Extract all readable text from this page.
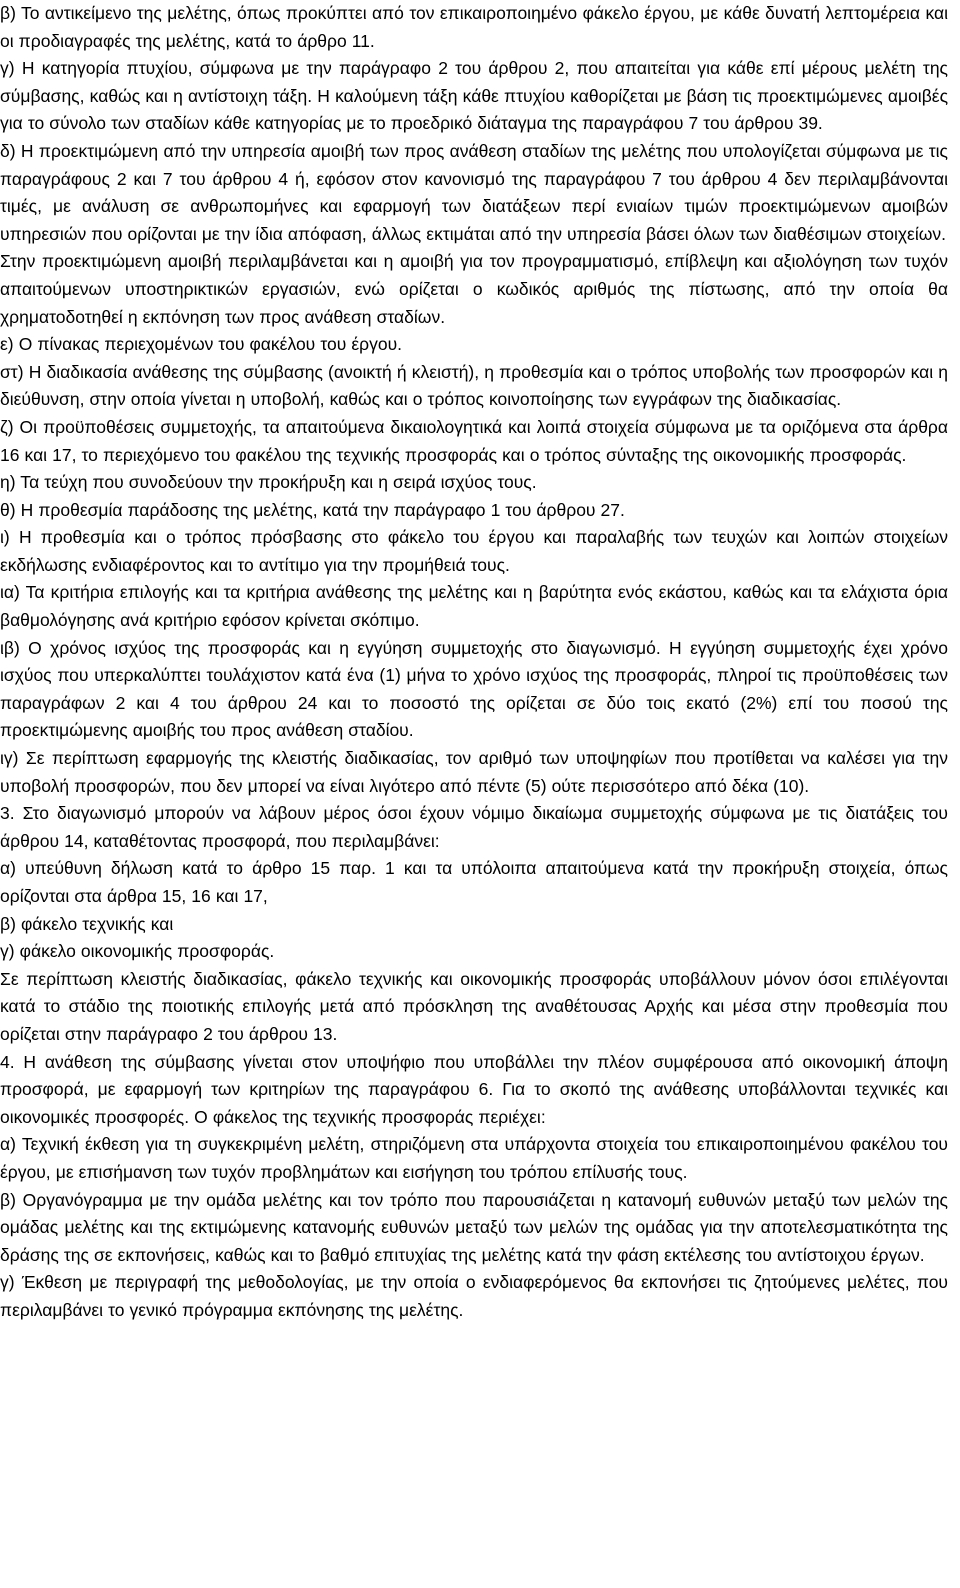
β) Το αντικείμενο της μελέτης, όπως προκύπτει από τον επικαιροποιημένο φάκελο έργου, με κάθε δυνατή λεπτομέρεια και οι προδιαγραφές της μελέτης, κατά το άρθρο 11.

γ) Η κατηγορία πτυχίου, σύμφωνα με την παράγραφο 2 του άρθρου 2, που απαιτείται για κάθε επί μέρους μελέτη της σύμβασης, καθώς και η αντίστοιχη τάξη. Η καλούμενη τάξη κάθε πτυχίου καθορίζεται με βάση τις προεκτιμώμενες αμοιβές για το σύνολο των σταδίων κάθε κατηγορίας με το προεδρικό διάταγμα της παραγράφου 7 του άρθρου 39.

δ) Η προεκτιμώμενη από την υπηρεσία αμοιβή των προς ανάθεση σταδίων της μελέτης που υπολογίζεται σύμφωνα με τις παραγράφους 2 και 7 του άρθρου 4 ή, εφόσον στον κανονισμό της παραγράφου 7 του άρθρου 4 δεν περιλαμβάνονται τιμές, με ανάλυση σε ανθρωπομήνες και εφαρμογή των διατάξεων περί ενιαίων τιμών προεκτιμώμενων αμοιβών υπηρεσιών που ορίζονται με την ίδια απόφαση, άλλως εκτιμάται από την υπηρεσία βάσει όλων των διαθέσιμων στοιχείων.

Στην προεκτιμώμενη αμοιβή περιλαμβάνεται και η αμοιβή για τον προγραμματισμό, επίβλεψη και αξιολόγηση των τυχόν απαιτούμενων υποστηρικτικών εργασιών, ενώ ορίζεται ο κωδικός αριθμός της πίστωσης, από την οποία θα χρηματοδοτηθεί η εκπόνηση των προς ανάθεση σταδίων.

ε) Ο πίνακας περιεχομένων του φακέλου του έργου.

στ) Η διαδικασία ανάθεσης της σύμβασης (ανοικτή ή κλειστή), η προθεσμία και ο τρόπος υποβολής των προσφορών και η διεύθυνση, στην οποία γίνεται η υποβολή, καθώς και ο τρόπος κοινοποίησης των εγγράφων της διαδικασίας.

ζ) Οι προϋποθέσεις συμμετοχής, τα απαιτούμενα δικαιολογητικά και λοιπά στοιχεία σύμφωνα με τα οριζόμενα στα άρθρα 16 και 17, το περιεχόμενο του φακέλου της τεχνικής προσφοράς και ο τρόπος σύνταξης της οικονομικής προσφοράς.

η) Τα τεύχη που συνοδεύουν την προκήρυξη και η σειρά ισχύος τους.

θ) Η προθεσμία παράδοσης της μελέτης, κατά την παράγραφο 1 του άρθρου 27.

ι) Η προθεσμία και ο τρόπος πρόσβασης στο φάκελο του έργου και παραλαβής των τευχών και λοιπών στοιχείων εκδήλωσης ενδιαφέροντος και το αντίτιμο για την προμήθειά τους.

ια) Τα κριτήρια επιλογής και τα κριτήρια ανάθεσης της μελέτης και η βαρύτητα ενός εκάστου, καθώς και τα ελάχιστα όρια βαθμολόγησης ανά κριτήριο εφόσον κρίνεται σκόπιμο.

ιβ) Ο χρόνος ισχύος της προσφοράς και η εγγύηση συμμετοχής στο διαγωνισμό. Η εγγύηση συμμετοχής έχει χρόνο ισχύος που υπερκαλύπτει τουλάχιστον κατά ένα (1) μήνα το χρόνο ισχύος της προσφοράς, πληροί τις προϋποθέσεις των παραγράφων 2 και 4 του άρθρου 24 και το ποσοστό της ορίζεται σε δύο τοις εκατό (2%) επί του ποσού της προεκτιμώμενης αμοιβής του προς ανάθεση σταδίου.

ιγ) Σε περίπτωση εφαρμογής της κλειστής διαδικασίας, τον αριθμό των υποψηφίων που προτίθεται να καλέσει για την υποβολή προσφορών, που δεν μπορεί να είναι λιγότερο από πέντε (5) ούτε περισσότερο από δέκα (10).

3. Στο διαγωνισμό μπορούν να λάβουν μέρος όσοι έχουν νόμιμο δικαίωμα συμμετοχής σύμφωνα με τις διατάξεις του άρθρου 14, καταθέτοντας προσφορά, που περιλαμβάνει:

α) υπεύθυνη δήλωση κατά το άρθρο 15 παρ. 1 και τα υπόλοιπα απαιτούμενα κατά την προκήρυξη στοιχεία, όπως ορίζονται στα άρθρα 15, 16 και 17,

β) φάκελο τεχνικής και

γ) φάκελο οικονομικής προσφοράς.

Σε περίπτωση κλειστής διαδικασίας, φάκελο τεχνικής και οικονομικής προσφοράς υποβάλλουν μόνον όσοι επιλέγονται κατά το στάδιο της ποιοτικής επιλογής μετά από πρόσκληση της αναθέτουσας Αρχής και μέσα στην προθεσμία που ορίζεται στην παράγραφο 2 του άρθρου 13.

4. Η ανάθεση της σύμβασης γίνεται στον υποψήφιο που υποβάλλει την πλέον συμφέρουσα από οικονομική άποψη προσφορά, με εφαρμογή των κριτηρίων της παραγράφου 6. Για το σκοπό της ανάθεσης υποβάλλονται τεχνικές και οικονομικές προσφορές. Ο φάκελος της τεχνικής προσφοράς περιέχει:

α) Τεχνική έκθεση για τη συγκεκριμένη μελέτη, στηριζόμενη στα υπάρχοντα στοιχεία του επικαιροποιημένου φακέλου του έργου, με επισήμανση των τυχόν προβλημάτων και εισήγηση του τρόπου επίλυσής τους.

β) Οργανόγραμμα με την ομάδα μελέτης και τον τρόπο που παρουσιάζεται η κατανομή ευθυνών μεταξύ των μελών της ομάδας μελέτης και της εκτιμώμενης κατανομής ευθυνών μεταξύ των μελών της ομάδας για την αποτελεσματικότητα της δράσης της σε εκπονήσεις, καθώς και το βαθμό επιτυχίας της μελέτης κατά την φάση εκτέλεσης του αντίστοιχου έργων.

γ) Έκθεση με περιγραφή της μεθοδολογίας, με την οποία ο ενδιαφερόμενος θα εκπονήσει τις ζητούμενες μελέτες, που περιλαμβάνει το γενικό πρόγραμμα εκπόνησης της μελέτης.
